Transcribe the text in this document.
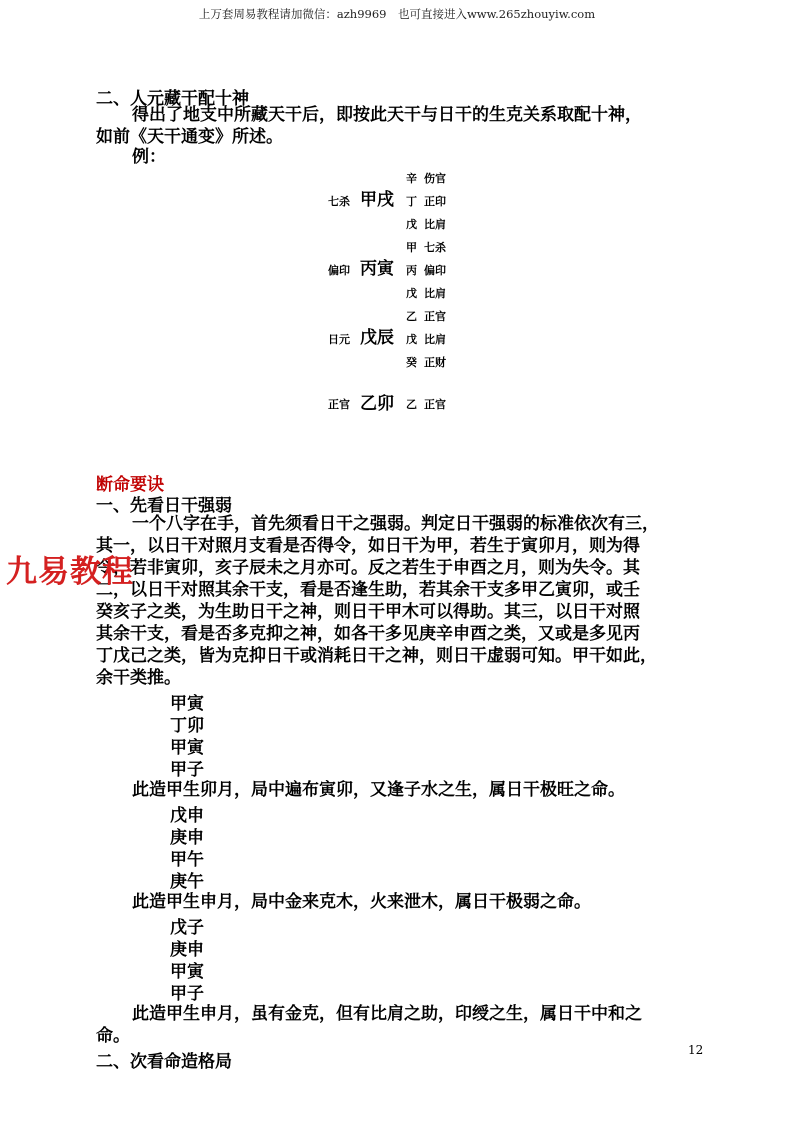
上万套周易教程请加微信：azh9969　也可直接进入www.265zhouyiw.com
二、人元藏干配十神
得出了地支中所藏天干后，即按此天干与日干的生克关系取配十神，
如前《天干通变》所述。
例：
辛 伤官
七杀 甲戌 丁 正印
戊 比肩
甲 七杀
偏印 丙寅 丙 偏印
戊 比肩
乙 正官
日元 戊辰 戊 比肩
癸 正财
正官 乙卯 乙 正官
断命要诀
一、先看日干强弱
一个八字在手，首先须看日干之强弱。判定日干强弱的标准依次有三，
其一，以日干对照月支看是否得令，如日干为甲，若生于寅卯月，则为得
令，若非寅卯，亥子辰未之月亦可。反之若生于申酉之月，则为失令。其
二，以日干对照其余干支，看是否逢生助，若其余干支多甲乙寅卯，或壬
癸亥子之类，为生助日干之神，则日干甲木可以得助。其三，以日干对照
其余干支，看是否多克抑之神，如各干多见庚辛申酉之类，又或是多见丙
丁戊己之类，皆为克抑日干或消耗日干之神，则日干虚弱可知。甲干如此，
余干类推。
甲寅
丁卯
甲寅
甲子
此造甲生卯月，局中遍布寅卯，又逢子水之生，属日干极旺之命。
戊申
庚申
甲午
庚午
此造甲生申月，局中金来克木，火来泄木，属日干极弱之命。
戊子
庚申
甲寅
甲子
此造甲生申月，虽有金克，但有比肩之助，印绶之生，属日干中和之
命。
二、次看命造格局
九易教程
12
